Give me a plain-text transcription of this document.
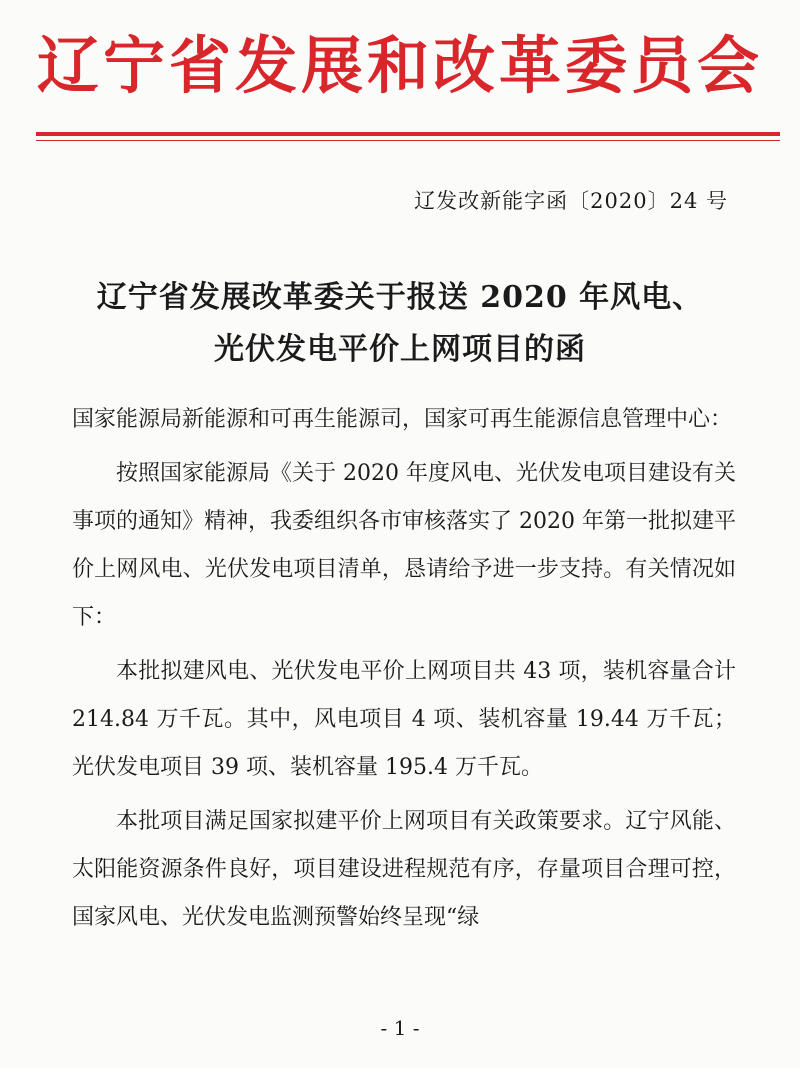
辽宁省发展和改革委员会
辽发改新能字函〔2020〕24 号
辽宁省发展改革委关于报送 2020 年风电、
光伏发电平价上网项目的函

国家能源局新能源和可再生能源司，国家可再生能源信息管理中心：

按照国家能源局《关于 2020 年度风电、光伏发电项目建设有关事项的通知》精神，我委组织各市审核落实了 2020 年第一批拟建平价上网风电、光伏发电项目清单，恳请给予进一步支持。有关情况如下：

本批拟建风电、光伏发电平价上网项目共 43 项，装机容量合计 214.84 万千瓦。其中，风电项目 4 项、装机容量 19.44 万千瓦；光伏发电项目 39 项、装机容量 195.4 万千瓦。

本批项目满足国家拟建平价上网项目有关政策要求。辽宁风能、太阳能资源条件良好，项目建设进程规范有序，存量项目合理可控，国家风电、光伏发电监测预警始终呈现“绿

- 1 -
